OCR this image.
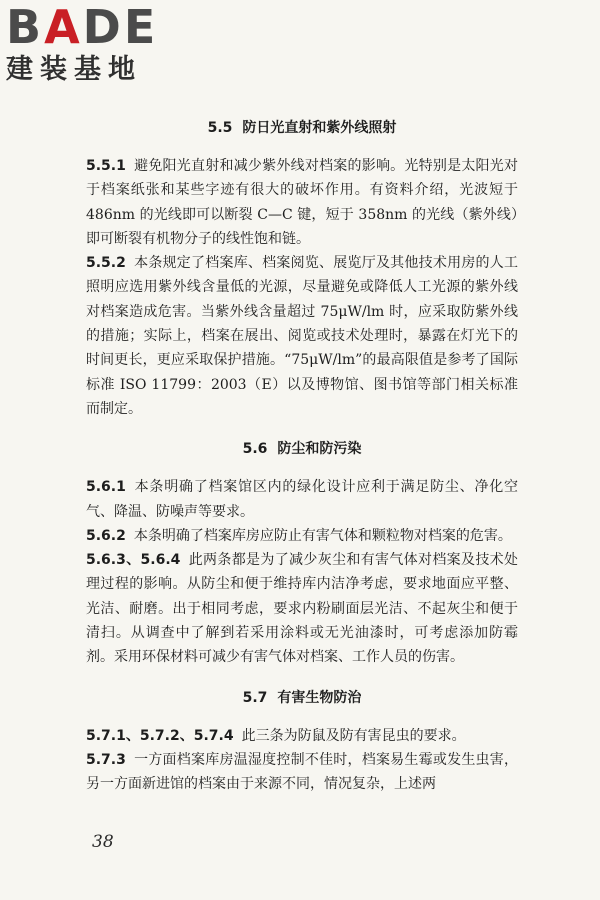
BADE
建装基地
5.5 防日光直射和紫外线照射

5.5.1 避免阳光直射和减少紫外线对档案的影响。光特别是太阳光对于档案纸张和某些字迹有很大的破坏作用。有资料介绍，光波短于 486nm 的光线即可以断裂 C—C 键，短于 358nm 的光线（紫外线）即可断裂有机物分子的线性饱和链。

5.5.2 本条规定了档案库、档案阅览、展览厅及其他技术用房的人工照明应选用紫外线含量低的光源，尽量避免或降低人工光源的紫外线对档案造成危害。当紫外线含量超过 75μW/lm 时，应采取防紫外线的措施；实际上，档案在展出、阅览或技术处理时，暴露在灯光下的时间更长，更应采取保护措施。“75μW/lm”的最高限值是参考了国际标准 ISO 11799：2003（E）以及博物馆、图书馆等部门相关标准而制定。

5.6 防尘和防污染

5.6.1 本条明确了档案馆区内的绿化设计应利于满足防尘、净化空气、降温、防噪声等要求。

5.6.2 本条明确了档案库房应防止有害气体和颗粒物对档案的危害。

5.6.3、5.6.4 此两条都是为了减少灰尘和有害气体对档案及技术处理过程的影响。从防尘和便于维持库内洁净考虑，要求地面应平整、光洁、耐磨。出于相同考虑，要求内粉刷面层光洁、不起灰尘和便于清扫。从调查中了解到若采用涂料或无光油漆时，可考虑添加防霉剂。采用环保材料可减少有害气体对档案、工作人员的伤害。

5.7 有害生物防治

5.7.1、5.7.2、5.7.4 此三条为防鼠及防有害昆虫的要求。

5.7.3 一方面档案库房温湿度控制不佳时，档案易生霉或发生虫害，另一方面新进馆的档案由于来源不同，情况复杂，上述两

38
